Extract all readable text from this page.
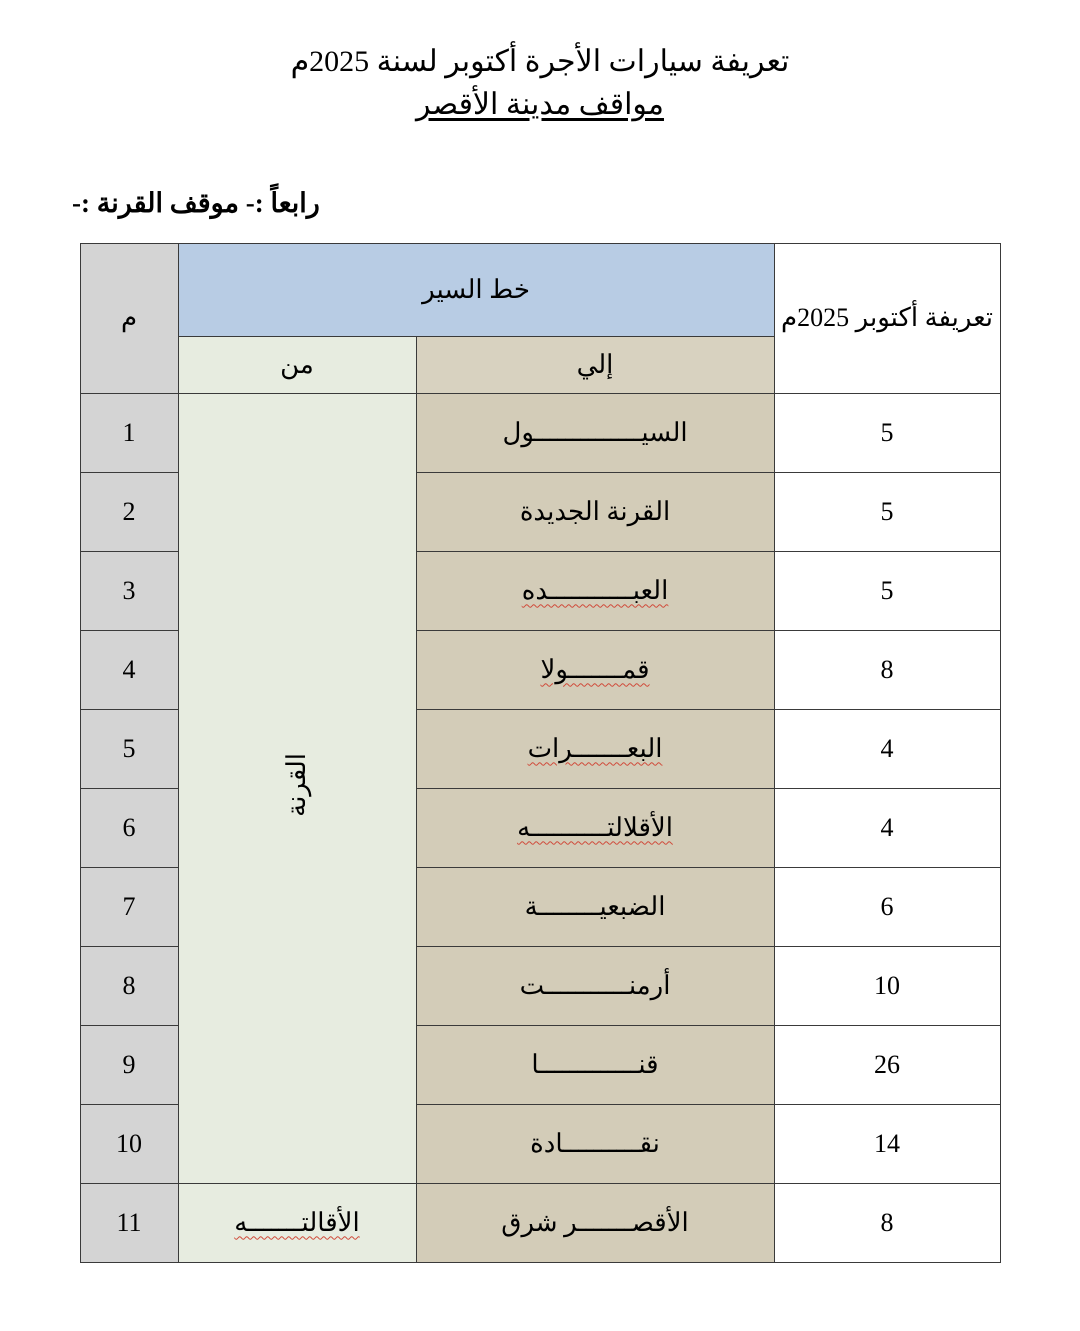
تعريفة سيارات الأجرة أكتوبر لسنة 2025م
مواقف مدينة الأقصر
رابعاً :- موقف القرنة :-
تعريفة أكتوبر 2025م	خط السير		م
	إلي	من	
5	السيــــــــــــــول	القرنة	1
5	القرنة الجديدة		2
5	العبـــــــــــده		3
8	قمـــــــولا		4
4	البعـــــــرات		5
4	الأقلالتــــــــــه		6
6	الضبعيــــــــة		7
10	أرمنـــــــــــت		8
26	قنـــــــــــــا		9
14	نقــــــــــادة		10
8	الأقصـــــــر شرق	الأقالتـــــــه	11
